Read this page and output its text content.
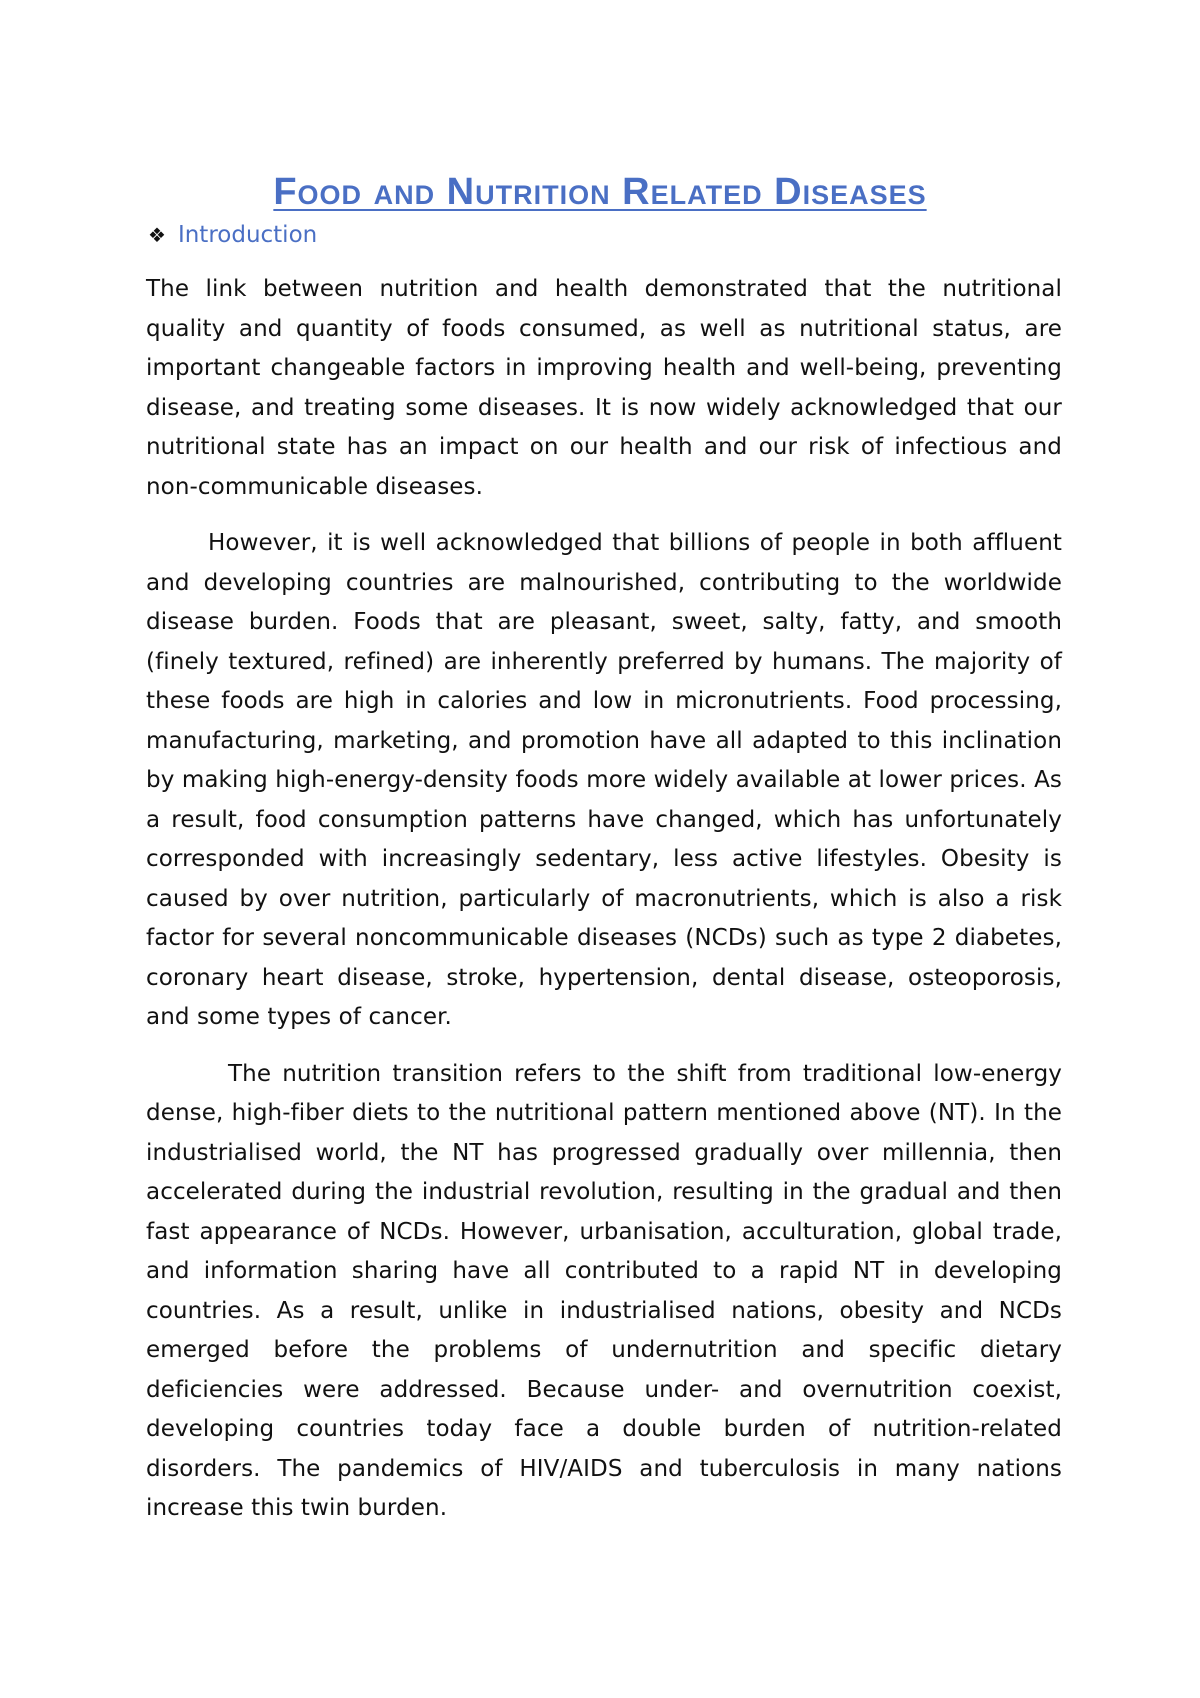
Food and Nutrition Related Diseases
❖ Introduction

The link between nutrition and health demonstrated that the nutritional quality and quantity of foods consumed, as well as nutritional status, are important changeable factors in improving health and well-being, preventing disease, and treating some diseases. It is now widely acknowledged that our nutritional state has an impact on our health and our risk of infectious and non-communicable diseases.

However, it is well acknowledged that billions of people in both affluent and developing countries are malnourished, contributing to the worldwide disease burden. Foods that are pleasant, sweet, salty, fatty, and smooth (finely textured, refined) are inherently preferred by humans. The majority of these foods are high in calories and low in micronutrients. Food processing, manufacturing, marketing, and promotion have all adapted to this inclination by making high-energy-density foods more widely available at lower prices. As a result, food consumption patterns have changed, which has unfortunately corresponded with increasingly sedentary, less active lifestyles. Obesity is caused by over nutrition, particularly of macronutrients, which is also a risk factor for several noncommunicable diseases (NCDs) such as type 2 diabetes, coronary heart disease, stroke, hypertension, dental disease, osteoporosis, and some types of cancer.

The nutrition transition refers to the shift from traditional low-energy dense, high-fiber diets to the nutritional pattern mentioned above (NT). In the industrialised world, the NT has progressed gradually over millennia, then accelerated during the industrial revolution, resulting in the gradual and then fast appearance of NCDs. However, urbanisation, acculturation, global trade, and information sharing have all contributed to a rapid NT in developing countries. As a result, unlike in industrialised nations, obesity and NCDs emerged before the problems of undernutrition and specific dietary deficiencies were addressed. Because under- and overnutrition coexist, developing countries today face a double burden of nutrition-related disorders. The pandemics of HIV/AIDS and tuberculosis in many nations increase this twin burden.
